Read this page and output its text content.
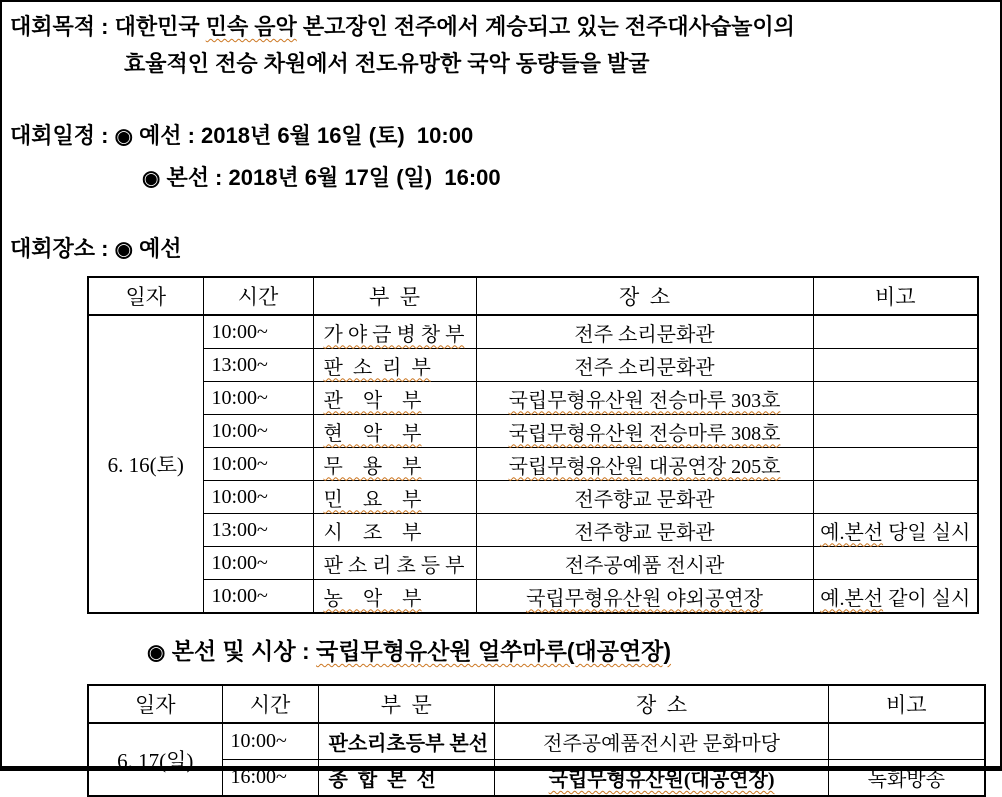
대회목적 : 대한민국 민속 음악 본고장인 전주에서 계승되고 있는 전주대사습놀이의
효율적인 전승 차원에서 전도유망한 국악 동량들을 발굴
대회일정 : ◉ 예선 : 2018년 6월 16일 (토)  10:00
◉ 본선 : 2018년 6월 17일 (일)  16:00
대회장소 : ◉ 예선
일자	시간	부  문	장  소	비고
6. 16(토)	10:00~	가 야 금 병 창 부	전주 소리문화관	
	13:00~	판  소  리  부	전주 소리문화관	
	10:00~	관    악    부	국립무형유산원 전승마루 303호	
	10:00~	현    악    부	국립무형유산원 전승마루 308호	
	10:00~	무    용    부	국립무형유산원 대공연장 205호	
	10:00~	민    요    부	전주향교 문화관	
	13:00~	시    조    부	전주향교 문화관	예.본선 당일 실시
	10:00~	판 소 리 초 등 부	전주공예품 전시관	
	10:00~	농    악    부	국립무형유산원 야외공연장	예.본선 같이 실시
◉ 본선 및 시상 : 국립무형유산원 얼쑤마루(대공연장)
일자	시간	부  문	장  소	비고
6. 17(일)	10:00~	판소리초등부 본선	전주공예품전시관 문화마당	
	16:00~	종  합  본  선	국립무형유산원(대공연장)	녹화방송
